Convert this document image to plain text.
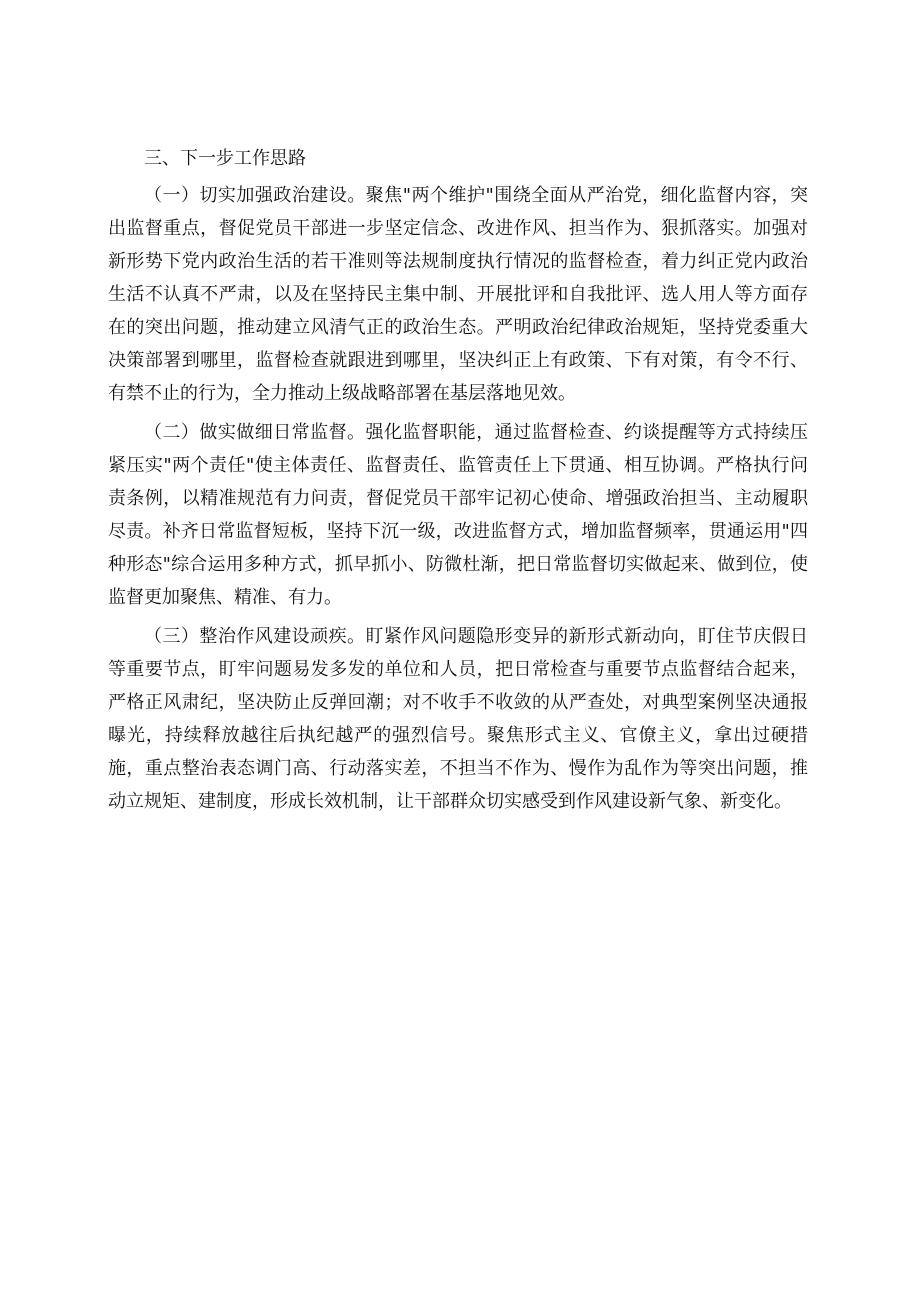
三、下一步工作思路

（一）切实加强政治建设。聚焦"两个维护"围绕全面从严治党，细化监督内容，突出监督重点，督促党员干部进一步坚定信念、改进作风、担当作为、狠抓落实。加强对新形势下党内政治生活的若干准则等法规制度执行情况的监督检查，着力纠正党内政治生活不认真不严肃，以及在坚持民主集中制、开展批评和自我批评、选人用人等方面存在的突出问题，推动建立风清气正的政治生态。严明政治纪律政治规矩，坚持党委重大决策部署到哪里，监督检查就跟进到哪里，坚决纠正上有政策、下有对策，有令不行、有禁不止的行为，全力推动上级战略部署在基层落地见效。

（二）做实做细日常监督。强化监督职能，通过监督检查、约谈提醒等方式持续压紧压实"两个责任"使主体责任、监督责任、监管责任上下贯通、相互协调。严格执行问责条例，以精准规范有力问责，督促党员干部牢记初心使命、增强政治担当、主动履职尽责。补齐日常监督短板，坚持下沉一级，改进监督方式，增加监督频率，贯通运用"四种形态"综合运用多种方式，抓早抓小、防微杜渐，把日常监督切实做起来、做到位，使监督更加聚焦、精准、有力。

（三）整治作风建设顽疾。盯紧作风问题隐形变异的新形式新动向，盯住节庆假日等重要节点，盯牢问题易发多发的单位和人员，把日常检查与重要节点监督结合起来，严格正风肃纪，坚决防止反弹回潮；对不收手不收敛的从严查处，对典型案例坚决通报曝光，持续释放越往后执纪越严的强烈信号。聚焦形式主义、官僚主义，拿出过硬措施，重点整治表态调门高、行动落实差，不担当不作为、慢作为乱作为等突出问题，推动立规矩、建制度，形成长效机制，让干部群众切实感受到作风建设新气象、新变化。
